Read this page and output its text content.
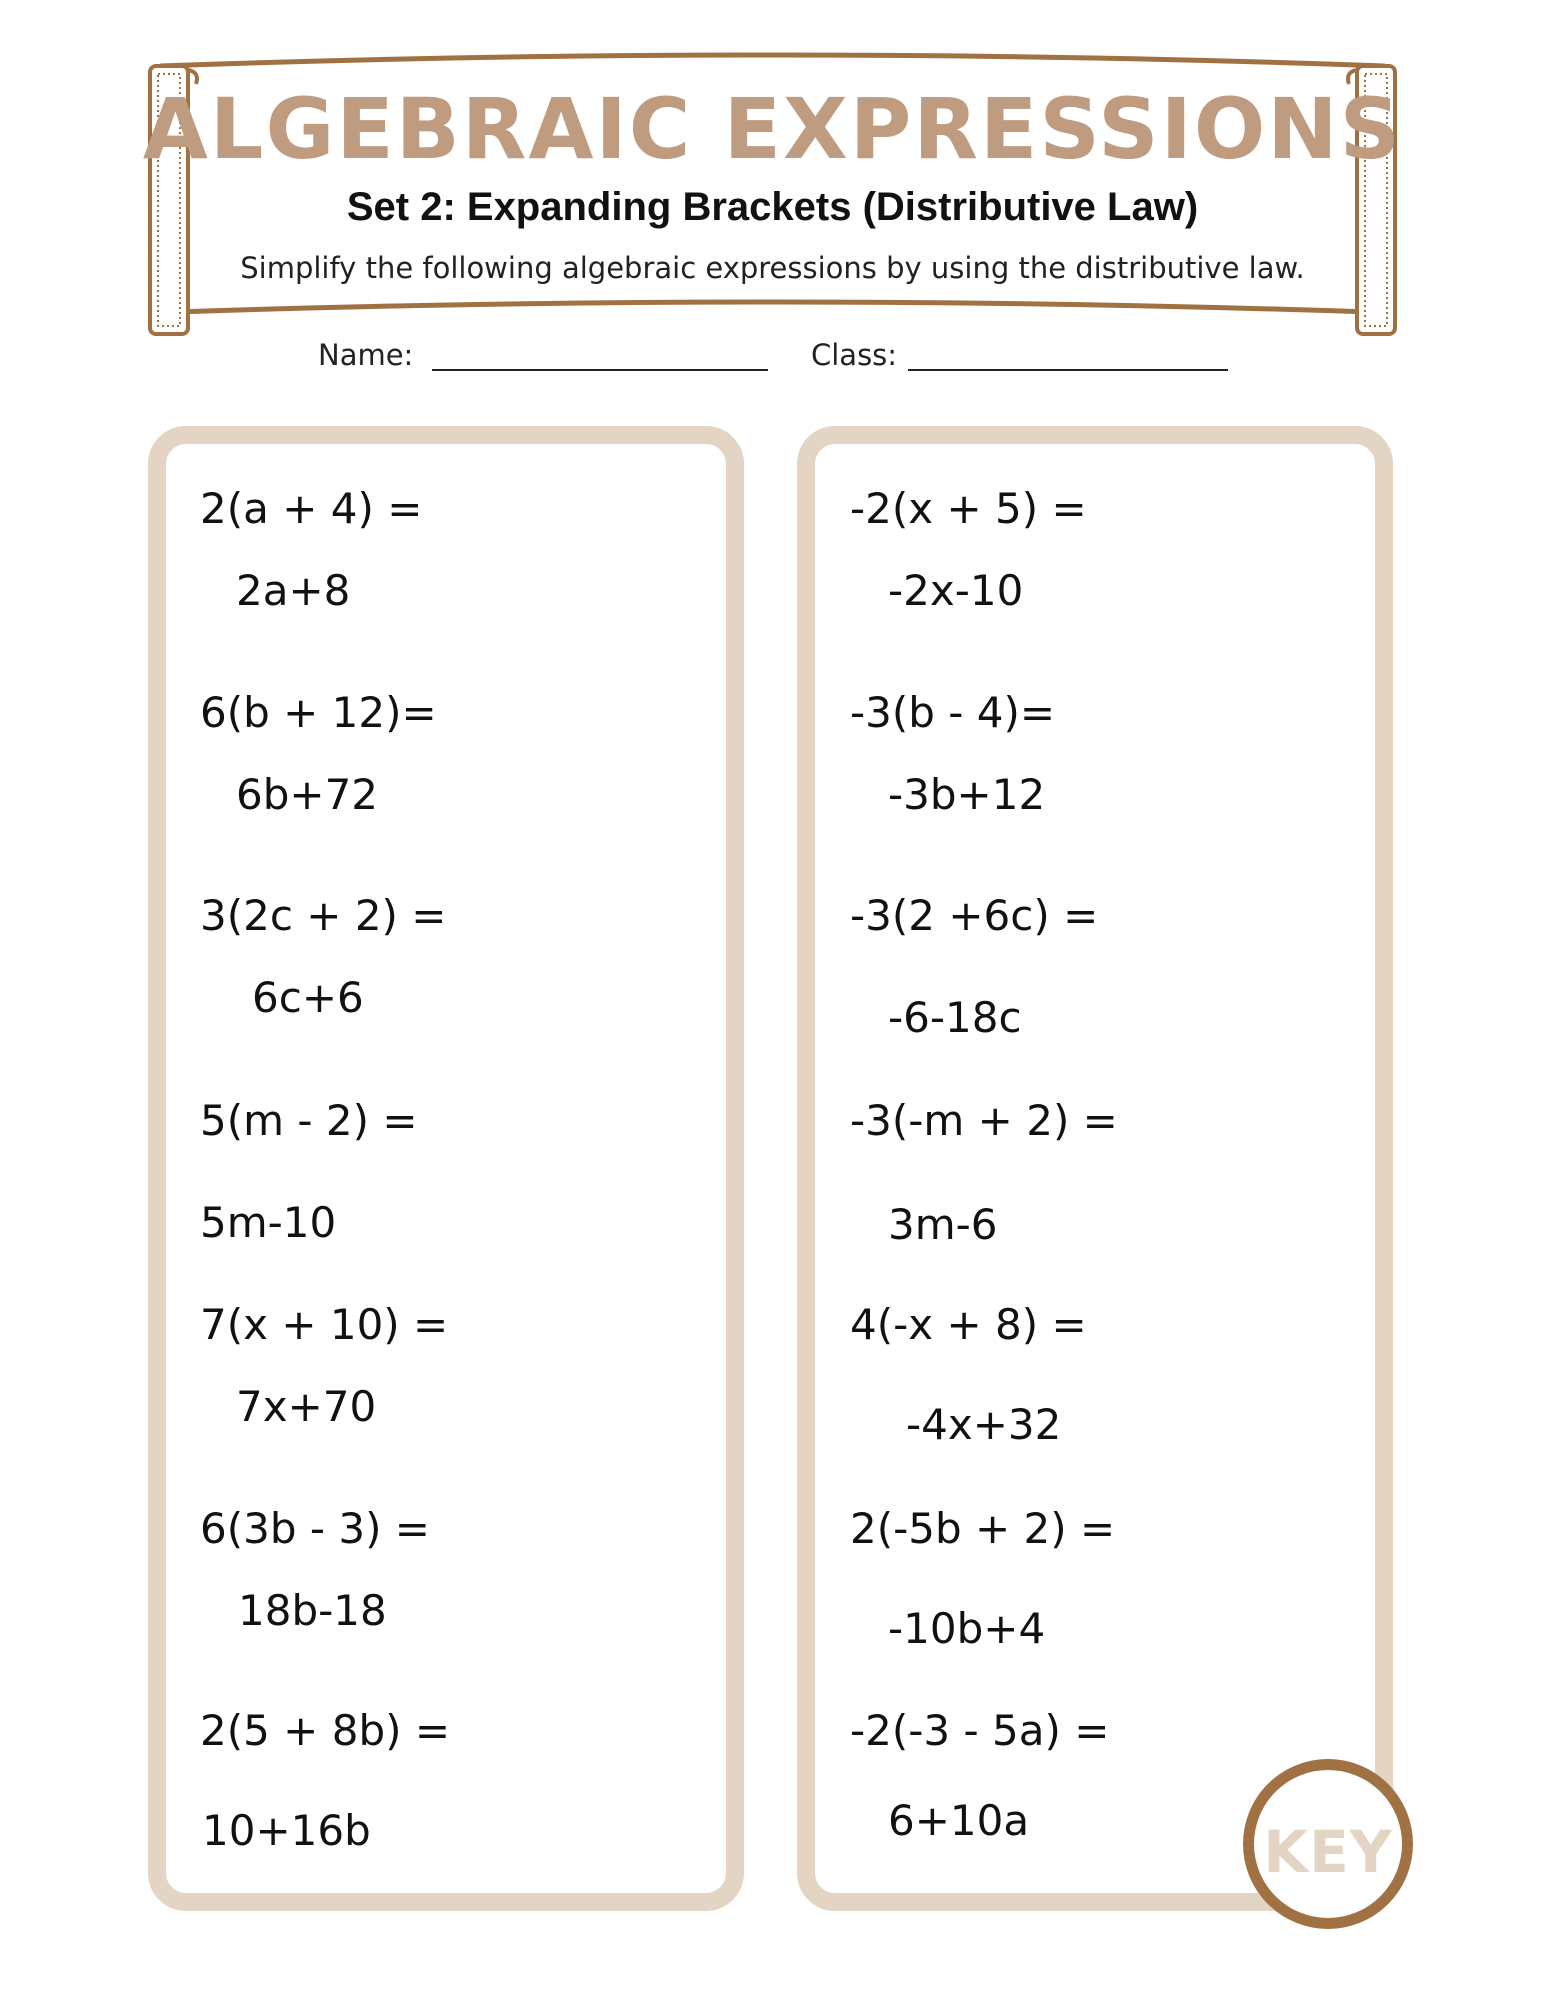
ALGEBRAIC EXPRESSIONS
Set 2: Expanding Brackets (Distributive Law)

Simplify the following algebraic expressions by using the distributive law.

Name:	Class:
2(a + 4) =
2a+8
6(b + 12)=
6b+72
3(2c + 2) =
6c+6
5(m - 2) =
5m-10
7(x + 10) =
7x+70
6(3b - 3) =
18b-18
2(5 + 8b) =
10+16b
-2(x + 5) =
-2x-10
-3(b - 4)=
-3b+12
-3(2 +6c) =
-6-18c
-3(-m + 2) =
3m-6
4(-x + 8) =
-4x+32
2(-5b + 2) =
-10b+4
-2(-3 - 5a) =
6+10a	KEY
